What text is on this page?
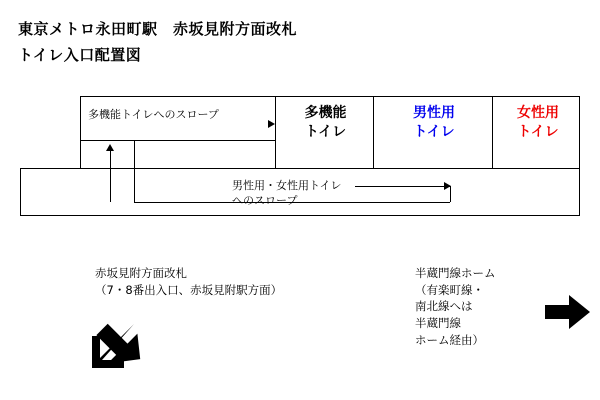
東京メトロ永田町駅　赤坂見附方面改札
トイレ入口配置図
多機能トイレへのスロープ	多機能
トイレ
男性用
トイレ
女性用
トイレ
男性用・女性用トイレ
へのスロープ
赤坂見附方面改札
（7・8番出入口、赤坂見附駅方面）
半蔵門線ホーム
（有楽町線・
南北線へは
半蔵門線
ホーム経由）
